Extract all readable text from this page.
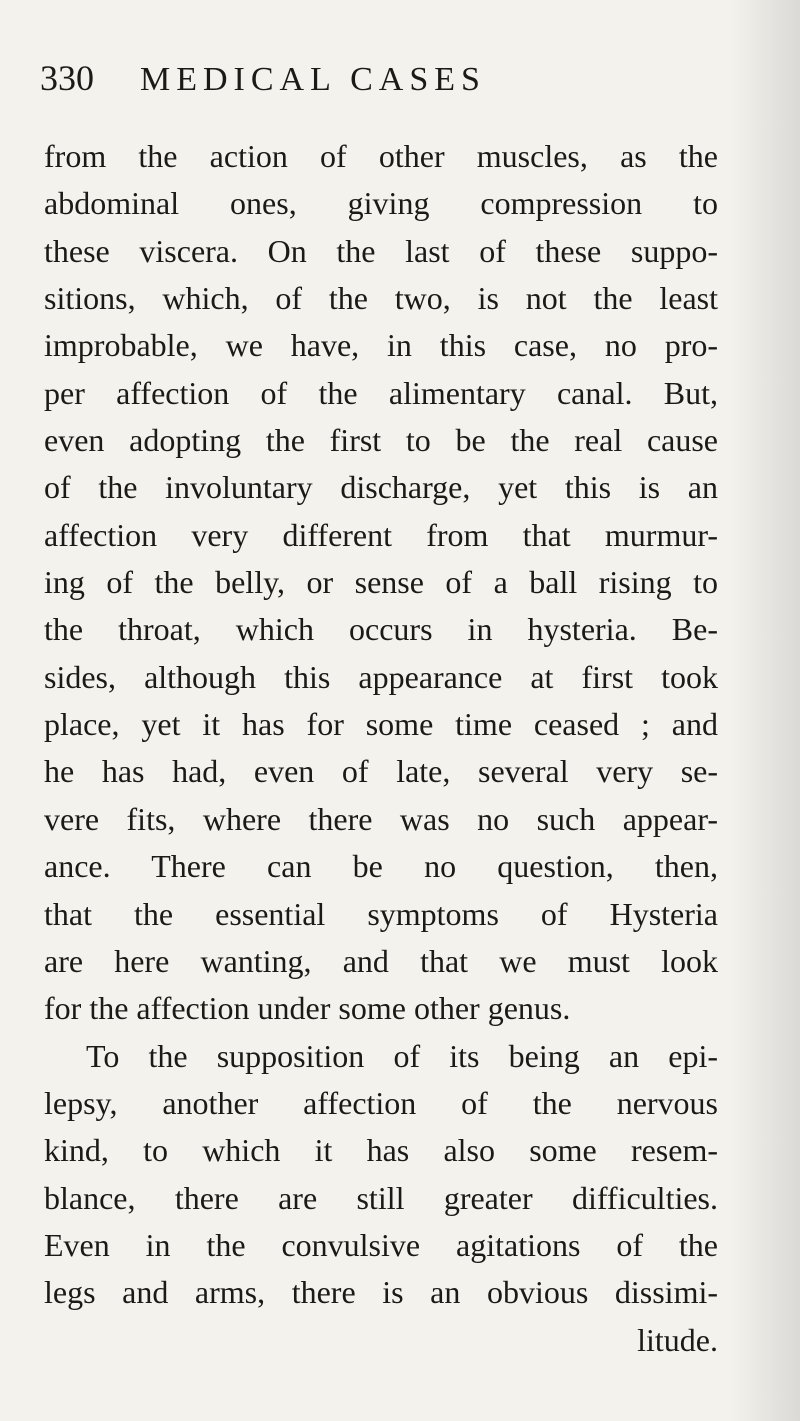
330 MEDICAL CASES
from the action of other muscles, as the
abdominal ones, giving compression to
these viscera. On the last of these suppo-
sitions, which, of the two, is not the least
improbable, we have, in this case, no pro-
per affection of the alimentary canal. But,
even adopting the first to be the real cause
of the involuntary discharge, yet this is an
affection very different from that murmur-
ing of the belly, or sense of a ball rising to
the throat, which occurs in hysteria. Be-
sides, although this appearance at first took
place, yet it has for some time ceased ; and
he has had, even of late, several very se-
vere fits, where there was no such appear-
ance. There can be no question, then,
that the essential symptoms of Hysteria
are here wanting, and that we must look
for the affection under some other genus.
To the supposition of its being an epi-
lepsy, another affection of the nervous
kind, to which it has also some resem-
blance, there are still greater difficulties.
Even in the convulsive agitations of the
legs and arms, there is an obvious dissimi-
litude.
